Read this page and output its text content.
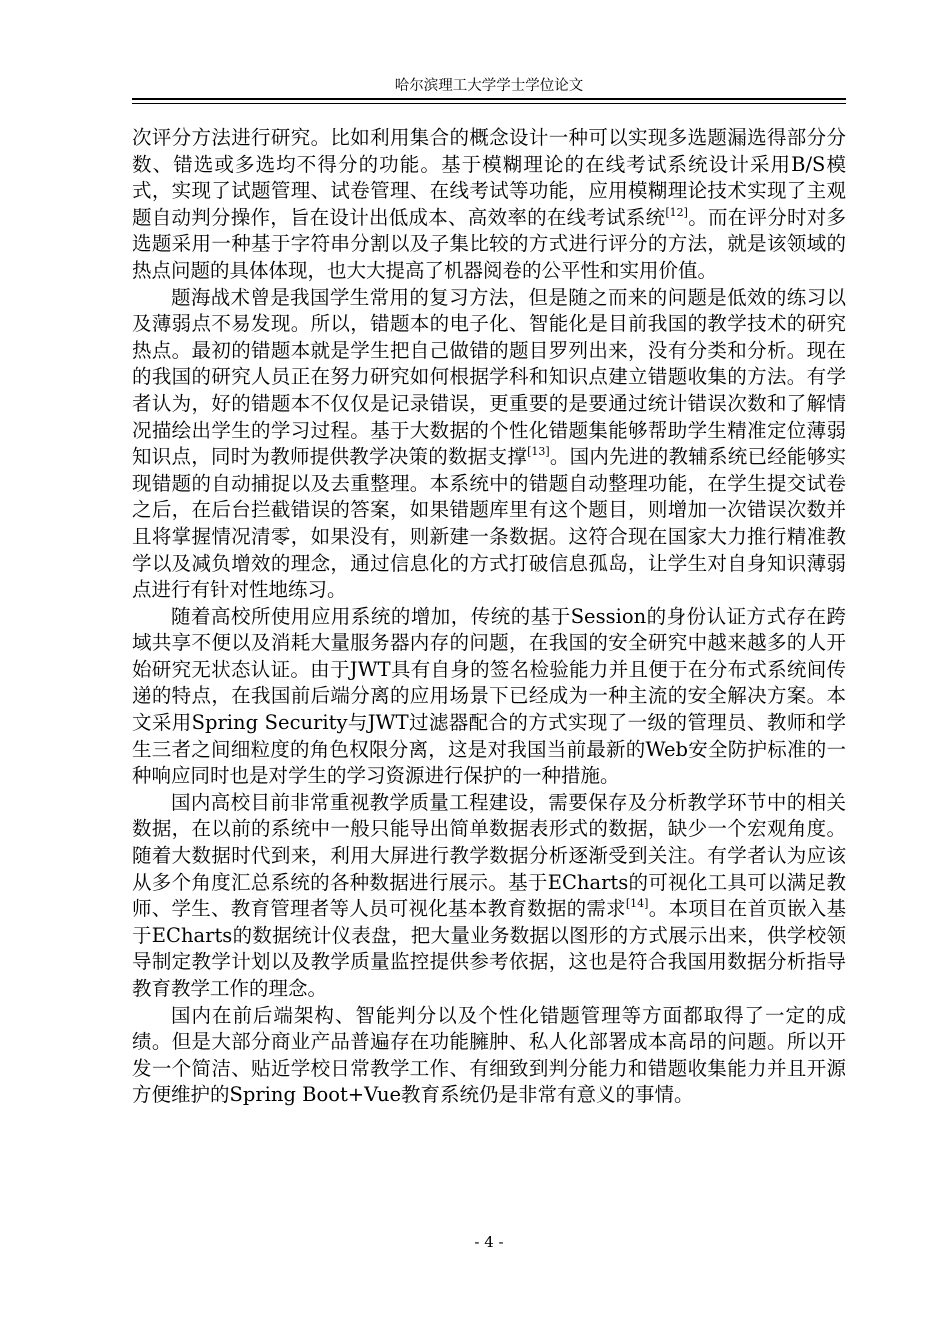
哈尔滨理工大学学士学位论文

次评分方法进行研究。比如利用集合的概念设计一种可以实现多选题漏选得部分分数、错选或多选均不得分的功能。基于模糊理论的在线考试系统设计采用B/S模式，实现了试题管理、试卷管理、在线考试等功能，应用模糊理论技术实现了主观题自动判分操作，旨在设计出低成本、高效率的在线考试系统[12]。而在评分时对多选题采用一种基于字符串分割以及子集比较的方式进行评分的方法，就是该领域的热点问题的具体体现，也大大提高了机器阅卷的公平性和实用价值。

题海战术曾是我国学生常用的复习方法，但是随之而来的问题是低效的练习以及薄弱点不易发现。所以，错题本的电子化、智能化是目前我国的教学技术的研究热点。最初的错题本就是学生把自己做错的题目罗列出来，没有分类和分析。现在的我国的研究人员正在努力研究如何根据学科和知识点建立错题收集的方法。有学者认为，好的错题本不仅仅是记录错误，更重要的是要通过统计错误次数和了解情况描绘出学生的学习过程。基于大数据的个性化错题集能够帮助学生精准定位薄弱知识点，同时为教师提供教学决策的数据支撑[13]。国内先进的教辅系统已经能够实现错题的自动捕捉以及去重整理。本系统中的错题自动整理功能，在学生提交试卷之后，在后台拦截错误的答案，如果错题库里有这个题目，则增加一次错误次数并且将掌握情况清零，如果没有，则新建一条数据。这符合现在国家大力推行精准教学以及减负增效的理念，通过信息化的方式打破信息孤岛，让学生对自身知识薄弱点进行有针对性地练习。

随着高校所使用应用系统的增加，传统的基于Session的身份认证方式存在跨域共享不便以及消耗大量服务器内存的问题，在我国的安全研究中越来越多的人开始研究无状态认证。由于JWT具有自身的签名检验能力并且便于在分布式系统间传递的特点，在我国前后端分离的应用场景下已经成为一种主流的安全解决方案。本文采用Spring Security与JWT过滤器配合的方式实现了一级的管理员、教师和学生三者之间细粒度的角色权限分离，这是对我国当前最新的Web安全防护标准的一种响应同时也是对学生的学习资源进行保护的一种措施。

国内高校目前非常重视教学质量工程建设，需要保存及分析教学环节中的相关数据，在以前的系统中一般只能导出简单数据表形式的数据，缺少一个宏观角度。随着大数据时代到来，利用大屏进行教学数据分析逐渐受到关注。有学者认为应该从多个角度汇总系统的各种数据进行展示。基于ECharts的可视化工具可以满足教师、学生、教育管理者等人员可视化基本教育数据的需求[14]。本项目在首页嵌入基于ECharts的数据统计仪表盘，把大量业务数据以图形的方式展示出来，供学校领导制定教学计划以及教学质量监控提供参考依据，这也是符合我国用数据分析指导教育教学工作的理念。

国内在前后端架构、智能判分以及个性化错题管理等方面都取得了一定的成绩。但是大部分商业产品普遍存在功能臃肿、私人化部署成本高昂的问题。所以开发一个简洁、贴近学校日常教学工作、有细致到判分能力和错题收集能力并且开源方便维护的Spring Boot+Vue教育系统仍是非常有意义的事情。

- 4 -
